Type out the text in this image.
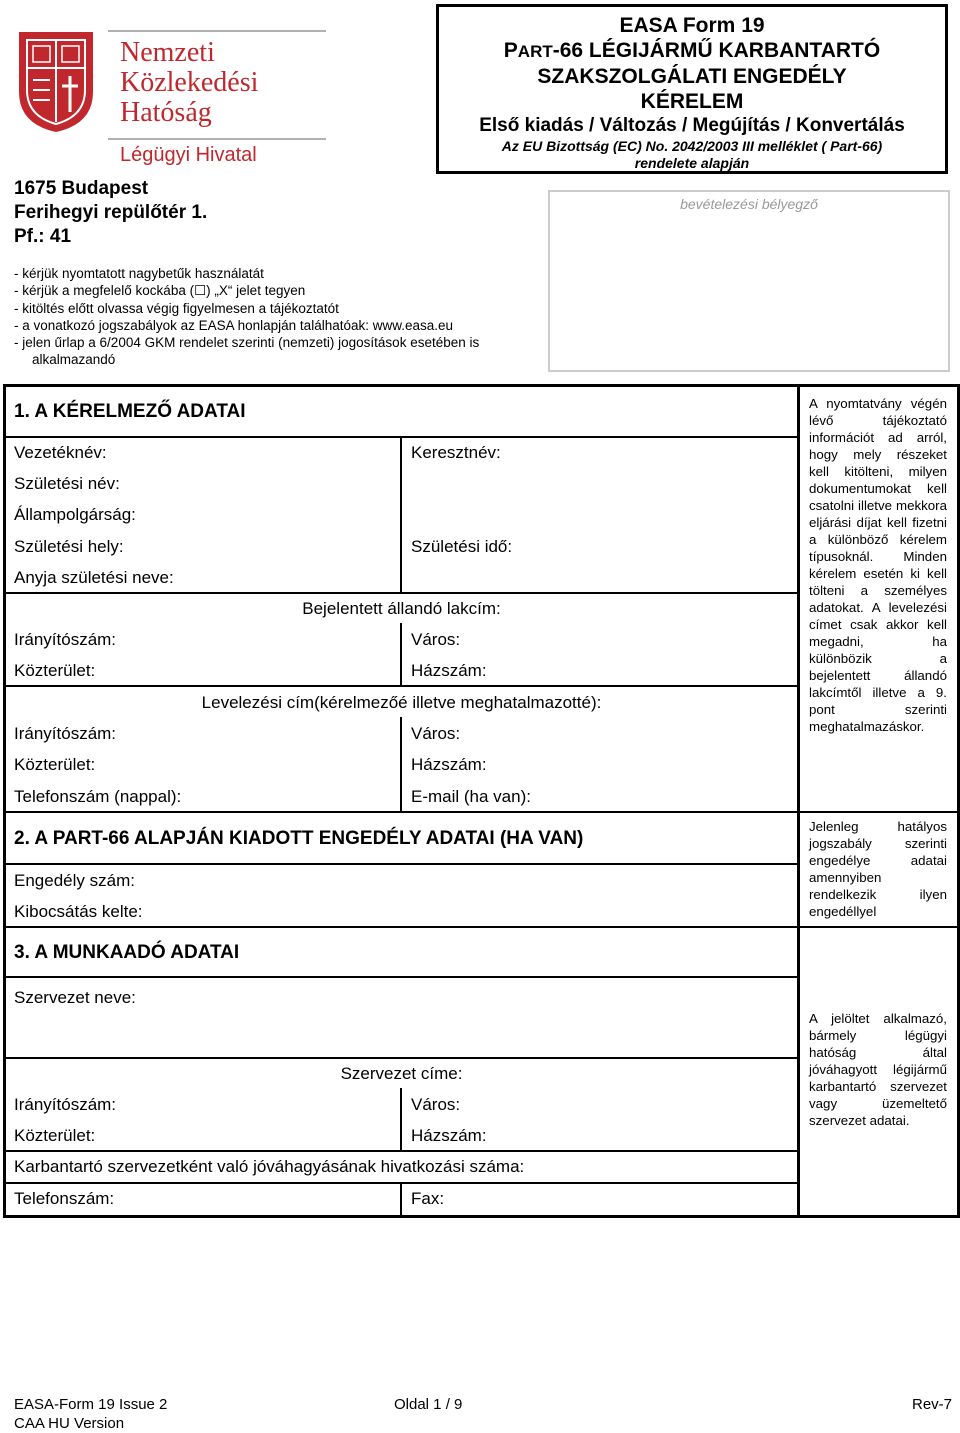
Nemzeti
Közlekedési
Hatóság
Légügyi Hivatal
1675 Budapest
Ferihegyi repülőtér 1.
Pf.: 41
EASA Form 19
PART-66 LÉGIJÁRMŰ KARBANTARTÓ
SZAKSZOLGÁLATI ENGEDÉLY
KÉRELEM
Első kiadás / Változás / Megújítás / Konvertálás
Az EU Bizottság (EC) No. 2042/2003 III melléklet ( Part-66)
rendelete alapján
bevételezési bélyegző
- kérjük nyomtatott nagybetűk használatát
- kérjük a megfelelő kockába (☐) „X“ jelet tegyen
- kitöltés előtt olvassa végig figyelmesen a tájékoztatót
- a vonatkozó jogszabályok az EASA honlapján találhatóak: www.easa.eu
- jelen űrlap a 6/2004 GKM rendelet szerinti (nemzeti) jogosítások esetében is alkalmazandó
1. A KÉRELMEZŐ ADATAI
Vezetéknév:	Keresztnév:
Születési név:
Állampolgárság:
Születési hely:	Születési idő:
Anyja születési neve:
Bejelentett állandó lakcím:
Irányítószám:	Város:
Közterület:	Házszám:
Levelezési cím(kérelmezőé illetve meghatalmazotté):
Irányítószám:	Város:
Közterület:	Házszám:
Telefonszám (nappal):	E-mail (ha van):
2. A PART-66 ALAPJÁN KIADOTT ENGEDÉLY ADATAI (HA VAN)
Engedély szám:
Kibocsátás kelte:
3. A MUNKAADÓ ADATAI
Szervezet neve:
Szervezet címe:
Irányítószám:	Város:
Közterület:	Házszám:
Karbantartó szervezetként való jóváhagyásának hivatkozási száma:
Telefonszám:	Fax:
A nyomtatvány végén lévő tájékoztató információt ad arról, hogy mely részeket kell kitölteni, milyen dokumentumokat kell csatolni illetve mekkora eljárási díjat kell fizetni a különböző kérelem típusoknál. Minden kérelem esetén ki kell tölteni a személyes adatokat. A levelezési címet csak akkor kell megadni, ha különbözik a bejelentett állandó lakcímtől illetve a 9. pont szerinti meghatalmazáskor.
Jelenleg hatályos jogszabály szerinti engedélye adatai amennyiben rendelkezik ilyen engedéllyel
A jelöltet alkalmazó, bármely légügyi hatóság által jóváhagyott légijármű karbantartó szervezet vagy üzemeltető szervezet adatai.
EASA-Form 19 Issue 2
CAA HU Version
Oldal 1 / 9	Rev-7
